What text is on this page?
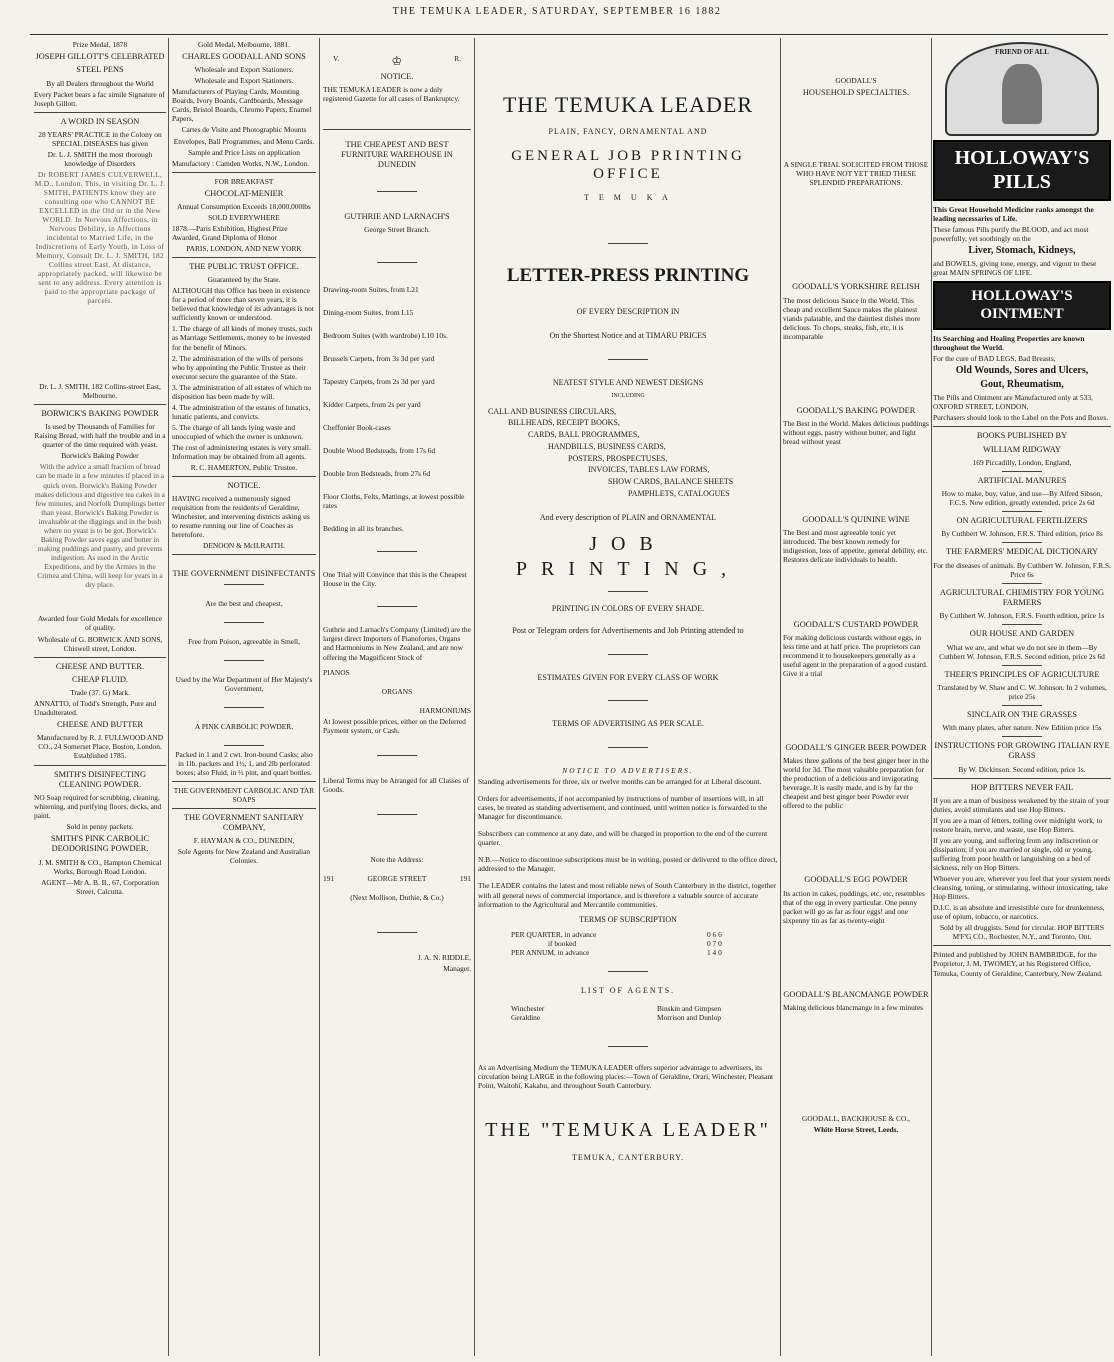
THE TEMUKA LEADER, SATURDAY, SEPTEMBER 16 1882

Prize Medal, 1878

JOSEPH GILLOTT'S CELEBRATED

STEEL PENS

By all Dealers throughout the World

Every Packet bears a fac simile Signature of Joseph Gillott.

A WORD IN SEASON

28 YEARS' PRACTICE in the Colony on SPECIAL DISEASES has given

Dr. L. J. SMITH the most thorough knowledge of Disorders

Dr ROBERT JAMES CULVERWELL, M.D., London. This, in visiting Dr. L. J. SMITH, PATIENTS know they are consulting one who CANNOT BE EXCELLED in the Old or in the New WORLD. In Nervous Affections, in Nervous Debility, in Affections incidental to Married Life, in the Indiscretions of Early Youth, in Loss of Memory, Consult Dr. L. J. SMITH, 182 Collins street East. At distance, appropriately packed, will likewise be sent to any address. Every attention is paid to the appropriate package of parcels.

Dr. L. J. SMITH, 182 Collins-street East, Melbourne.

BORWICK'S BAKING POWDER

Is used by Thousands of Families for Raising Bread, with half the trouble and in a quarter of the time required with yeast.

Borwick's Baking Powder

With the advice a small fraction of bread can be made in a few minutes if placed in a quick oven. Borwick's Baking Powder makes delicious and digestive tea cakes in a few minutes, and Norfolk Dumplings better than yeast. Borwick's Baking Powder is invaluable at the diggings and in the bush where no yeast is to be got. Borwick's Baking Powder saves eggs and butter in making puddings and pastry, and prevents indigestion. As used in the Arctic Expeditions, and by the Armies in the Crimea and China, will keep for years in a dry place.

Awarded four Gold Medals for excellence of quality.

Wholesale of G. BORWICK AND SONS, Chiswell street, London.

CHEESE AND BUTTER.

CHEAP FLUID.

Trade (37. G) Mark.

ANNATTO, of Todd's Strength, Pure and Unadulterated.

CHEESE AND BUTTER

Manufactured by R. J. FULLWOOD AND CO., 24 Somerset Place, Boston, London. Established 1785.

SMITH'S DISINFECTING CLEANING POWDER.

NO Soap required for scrubbing, cleaning, whitening, and purifying floors, decks, and paint.

Sold in penny packets.

SMITH'S PINK CARBOLIC DEODORISING POWDER.

J. M. SMITH & CO., Hampton Chemical Works, Borough Road London.

AGENT—Mr A. B. B., 67, Corporation Street, Calcutta.

Gold Medal, Melbourne, 1881.

CHARLES GOODALL AND SONS

Wholesale and Export Stationers.

Wholesale and Export Stationers.

Manufacturers of Playing Cards, Mounting Boards, Ivory Boards, Cardboards, Message Cards, Bristol Boards, Chromo Papers, Enamel Papers,

Cartes de Visite and Photographic Mounts

Envelopes, Ball Programmes, and Menu Cards.

Sample and Price Lists on application

Manufactory : Camden Works, N.W., London.

FOR BREAKFAST

CHOCOLAT-MENIER

Annual Consumption Exceeds 18,000,000lbs

SOLD EVERYWHERE

1878.—Paris Exhibition, Highest Prize Awarded, Grand Diploma of Honor

PARIS, LONDON, AND NEW YORK

THE PUBLIC TRUST OFFICE.

Guaranteed by the State.

ALTHOUGH this Office has been in existence for a period of more than seven years, it is believed that knowledge of its advantages is not sufficiently known or understood.

1. The charge of all kinds of money trusts, such as Marriage Settlements, money to be invested for the benefit of Minors.

2. The administration of the wills of persons who by appointing the Public Trustee as their executor secure the guarantee of the State.

3. The administration of all estates of which no disposition has been made by will.

4. The administration of the estates of lunatics, lunatic patients, and convicts.

5. The charge of all lands lying waste and unoccupied of which the owner is unknown.

The cost of administering estates is very small. Information may be obtained from all agents.

R. C. HAMERTON, Public Trustee.

NOTICE.

HAVING received a numerously signed requisition from the residents of Geraldine, Winchester, and intervening districts asking us to resume running our line of Coaches as heretofore.

DENOON & McILRAITH.

THE GOVERNMENT DISINFECTANTS

Are the best and cheapest,

Free from Poison, agreeable in Smell,

Used by the War Department of Her Majesty's Government,

A PINK CARBOLIC POWDER,

Packed in 1 and 2 cwt. Iron-bound Casks; also in 1lb. packets and 1½, 1, and 2lb perforated boxes; also Fluid, in ½ pint, and quart bottles.

THE GOVERNMENT CARBOLIC AND TAR SOAPS

THE GOVERNMENT SANITARY COMPANY,

F. HAYMAN & CO., DUNEDIN,

Sole Agents for New Zealand and Australian Colonies.

V.	♔	R.

NOTICE.

THE TEMUKA LEADER is now a duly registered Gazette for all cases of Bankruptcy.

THE CHEAPEST AND BEST FURNITURE WAREHOUSE IN DUNEDIN

GUTHRIE AND LARNACH'S

George Street Branch.

Drawing-room Suites, from L21

Dining-room Suites, from L15

Bedroom Suites (with wardrobe) L10 10s.

Brussels Carpets, from 3s 3d per yard

Tapestry Carpets, from 2s 3d per yard

Kidder Carpets, from 2s per yard

Cheffonier Book-cases

Double Wood Bedsteads, from 17s 6d

Double Iron Bedsteads, from 27s 6d

Floor Cloths, Felts, Mattings, at lowest possible rates

Bedding in all its branches.

One Trial will Convince that this is the Cheapest House in the City.

Guthrie and Larnach's Company (Limited) are the largest direct Importers of Pianofortes, Organs and Harmoniums in New Zealand, and are now offering the Magnificent Stock of

PIANOS

ORGANS

HARMONIUMS

At lowest possible prices, either on the Deferred Payment system, or Cash.

Liberal Terms may be Arranged for all Classes of Goods.

Note the Address:

191	GEORGE STREET	191

(Next Mollison, Duthie, & Co.)

J. A. N. RIDDLE,

Manager.

THE TEMUKA LEADER

PLAIN, FANCY, ORNAMENTAL AND

GENERAL JOB PRINTING OFFICE

T E M U K A

LETTER-PRESS PRINTING

OF EVERY DESCRIPTION IN

On the Shortest Notice and at TIMARU PRICES

NEATEST STYLE AND NEWEST DESIGNS

INCLUDING

CALL AND BUSINESS CIRCULARS,

BILLHEADS, RECEIPT BOOKS,

CARDS, BALL PROGRAMMES,

HANDBILLS, BUSINESS CARDS,

POSTERS, PROSPECTUSES,

INVOICES, TABLES LAW FORMS,

SHOW CARDS, BALANCE SHEETS

PAMPHLETS, CATALOGUES

And every description of PLAIN and ORNAMENTAL

JOB PRINTING,

PRINTING IN COLORS OF EVERY SHADE.

Post or Telegram orders for Advertisements and Job Printing attended to

ESTIMATES GIVEN FOR EVERY CLASS OF WORK

TERMS OF ADVERTISING AS PER SCALE.

NOTICE TO ADVERTISERS.

Standing advertisements for three, six or twelve months can be arranged for at Liberal discount.

Orders for advertisements, if not accompanied by instructions of number of insertions will, in all cases, be treated as standing advertisement, and continued, until written notice is forwarded to the Manager for discontinuance.

Subscribers can commence at any date, and will be charged in proportion to the end of the current quarter.

N.B.—Notice to discontinue subscriptions must be in writing, posted or delivered to the office direct, addressed to the Manager.

The LEADER contains the latest and most reliable news of South Canterbury in the district, together with all general news of commercial importance, and is therefore a valuable source of accurate information to the Agricultural and Mercantile communities.

TERMS OF SUBSCRIPTION

PER QUARTER, in advance	0 6 6
if booked	0 7 0
PER ANNUM, in advance	1 4 0

LIST OF AGENTS.

Winchester	Binskin and Gimpsen
Geraldine	Morrison and Dunlop

As an Advertising Medium the TEMUKA LEADER offers superior advantage to advertisers, its circulation being LARGE in the following places:—Town of Geraldine, Orari, Winchester, Pleasant Point, Waitohi, Kakahu, and throughout South Canterbury.

THE "TEMUKA LEADER"

TEMUKA, CANTERBURY.

GOODALL'S

HOUSEHOLD SPECIALTIES.

A SINGLE TRIAL SOLICITED FROM THOSE WHO HAVE NOT YET TRIED THESE SPLENDID PREPARATIONS.

GOODALL'S YORKSHIRE RELISH

The most delicious Sauce in the World. This cheap and excellent Sauce makes the plainest viands palatable, and the daintiest dishes more delicious. To chops, steaks, fish, etc, it is incomparable

GOODALL'S BAKING POWDER

The Best in the World. Makes delicious puddings without eggs, pastry without butter, and light bread without yeast

GOODALL'S QUININE WINE

The Best and most agreeable tonic yet introduced. The best known remedy for indigestion, loss of appetite, general debility, etc. Restores delicate individuals to health.

GOODALL'S CUSTARD POWDER

For making delicious custards without eggs, in less time and at half price. The proprietors can recommend it to housekeepers generally as a useful agent in the preparation of a good custard. Give it a trial

GOODALL'S GINGER BEER POWDER

Makes three gallons of the best ginger beer in the world for 3d. The most valuable preparation for the production of a delicious and invigorating beverage. It is easily made, and is by far the cheapest and best ginger beer Powder ever offered to the public

GOODALL'S EGG POWDER

Its action in cakes, puddings, etc, etc, resembles that of the egg in every particular. One penny packet will go as far as four eggs! and one sixpenny tin as far as twenty-eight

GOODALL'S BLANCMANGE POWDER

Making delicious blancmange in a few minutes

GOODALL, BACKHOUSE & CO.,

White Horse Street, Leeds.

FRIEND OF ALL
HOLLOWAY'S PILLS

This Great Household Medicine ranks amongst the leading necessaries of Life.

These famous Pills purify the BLOOD, and act most powerfully, yet soothingly on the

Liver, Stomach, Kidneys,

and BOWELS, giving tone, energy, and vigour to these great MAIN SPRINGS OF LIFE.

HOLLOWAY'S OINTMENT

Its Searching and Healing Properties are known throughout the World.

For the cure of BAD LEGS, Bad Breasts,

Old Wounds, Sores and Ulcers,

Gout, Rheumatism,

The Pills and Ointment are Manufactured only at 533, OXFORD STREET, LONDON,

Purchasers should look to the Label on the Pots and Boxes.

BOOKS PUBLISHED BY

WILLIAM RIDGWAY

169 Piccadilly, London, England,

ARTIFICIAL MANURES

How to make, buy, value, and use—By Alfred Sibson, F.C.S. New edition, greatly extended, price 2s 6d

ON AGRICULTURAL FERTILIZERS

By Cuthbert W. Johnson, F.R.S. Third edition, price 8s

THE FARMERS' MEDICAL DICTIONARY

For the diseases of animals. By Cuthbert W. Johnson, F.R.S. Price 6s

AGRICULTURAL CHEMISTRY FOR YOUNG FARMERS

By Cuthbert W. Johnson, F.R.S. Fourth edition, price 1s

OUR HOUSE AND GARDEN

What we are, and what we do not see in them—By Cuthbert W. Johnson, F.R.S. Second edition, price 2s 6d

THEER'S PRINCIPLES OF AGRICULTURE

Translated by W. Shaw and C. W. Johnson. In 2 volumes, price 25s

SINCLAIR ON THE GRASSES

With many plates, after nature. New Edition price 15s

INSTRUCTIONS FOR GROWING ITALIAN RYE GRASS

By W. Dickinson. Second edition, price 1s.

HOP BITTERS NEVER FAIL

If you are a man of business weakened by the strain of your duties, avoid stimulants and use Hop Bitters.

If you are a man of letters, toiling over midnight work, to restore brain, nerve, and waste, use Hop Bitters.

If you are young, and suffering from any indiscretion or dissipation; if you are married or single, old or young, suffering from poor health or languishing on a bed of sickness, rely on Hop Bitters.

Whoever you are, wherever you feel that your system needs cleansing, toning, or stimulating, without intoxicating, take Hop Bitters.

D.I.C. is an absolute and irresistible cure for drunkenness, use of opium, tobacco, or narcotics.

Sold by all druggists. Send for circular. HOP BITTERS M'F'G CO., Rochester, N.Y., and Toronto, Ont.

Printed and published by JOHN BAMBRIDGE, for the Proprietor, J. M. TWOMEY, at his Registered Office, Temuka, County of Geraldine, Canterbury, New Zealand.
